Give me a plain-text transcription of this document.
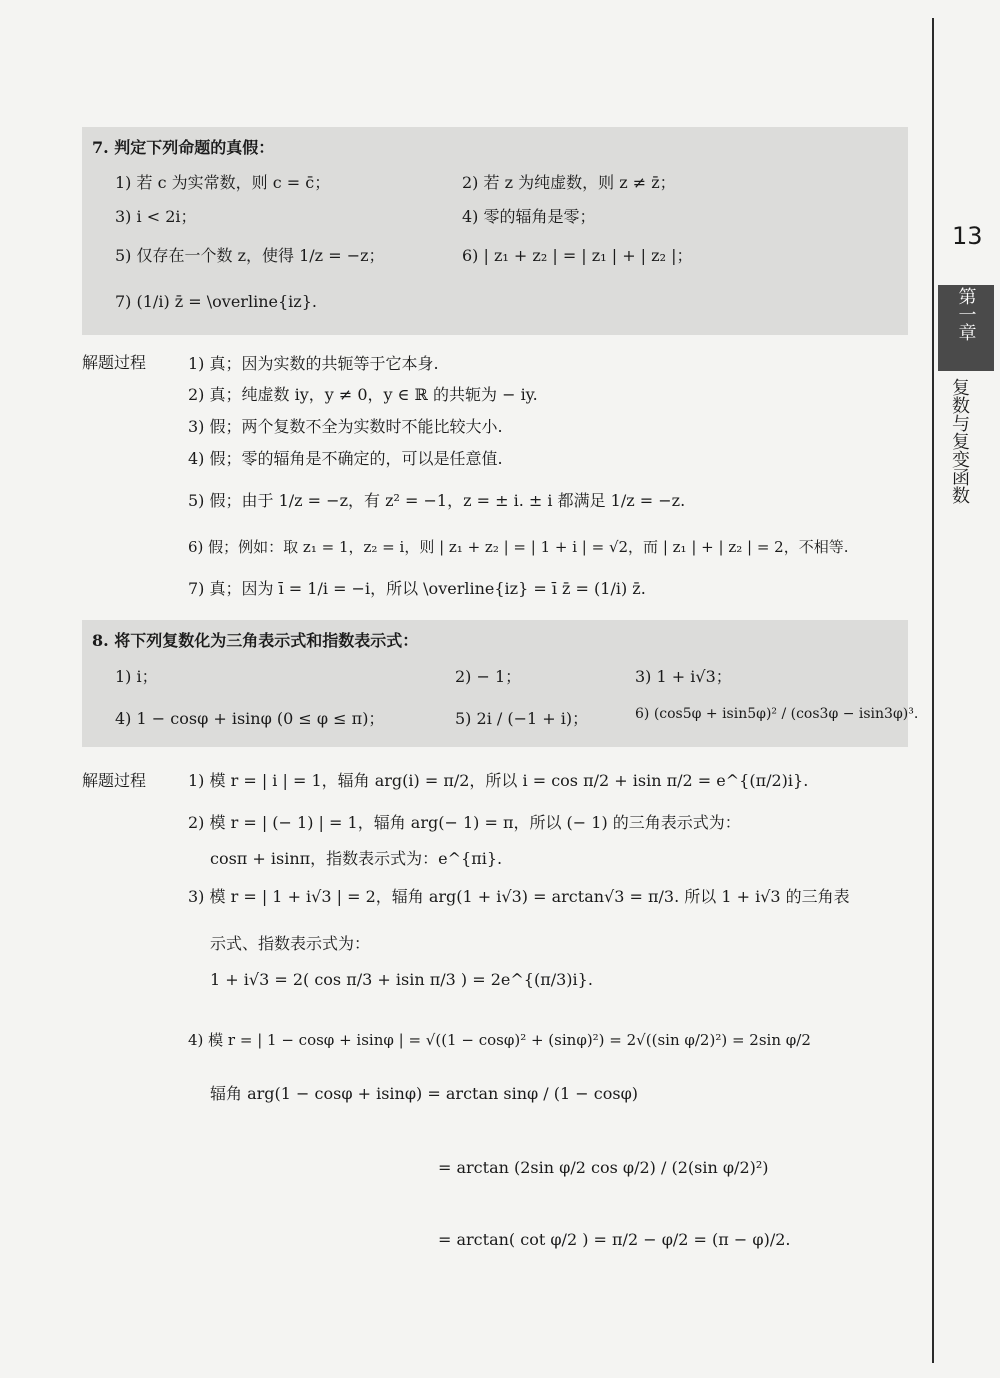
13
第一章
复数与复变函数
7. 判定下列命题的真假：
1) 若 c 为实常数，则 c = c̄；	2) 若 z 为纯虚数，则 z ≠ z̄；
3) i < 2i；	4) 零的辐角是零；
5) 仅存在一个数 z，使得 1/z = −z；	6) | z₁ + z₂ | = | z₁ | + | z₂ |；
7) (1/i) z̄ = \overline{iz}.
解题过程	1) 真；因为实数的共轭等于它本身.
2) 真；纯虚数 iy，y ≠ 0，y ∈ ℝ 的共轭为 − iy.
3) 假；两个复数不全为实数时不能比较大小.
4) 假；零的辐角是不确定的，可以是任意值.
5) 假；由于 1/z = −z，有 z² = −1，z = ± i. ± i 都满足 1/z = −z.
6) 假；例如：取 z₁ = 1，z₂ = i，则 | z₁ + z₂ | = | 1 + i | = √2，而 | z₁ | + | z₂ | = 2，不相等.
7) 真；因为 ī = 1/i = −i，所以 \overline{iz} = ī z̄ = (1/i) z̄.
8. 将下列复数化为三角表示式和指数表示式：
1) i；	2) − 1；	3) 1 + i√3；
4) 1 − cosφ + isinφ (0 ≤ φ ≤ π)；	5) 2i / (−1 + i)；	6) (cos5φ + isin5φ)² / (cos3φ − isin3φ)³.
解题过程	1) 模 r = | i | = 1，辐角 arg(i) = π/2，所以 i = cos π/2 + isin π/2 = e^{(π/2)i}.
2) 模 r = | (− 1) | = 1，辐角 arg(− 1) = π，所以 (− 1) 的三角表示式为：
cosπ + isinπ，指数表示式为：e^{πi}.
3) 模 r = | 1 + i√3 | = 2，辐角 arg(1 + i√3) = arctan√3 = π/3. 所以 1 + i√3 的三角表
示式、指数表示式为：
1 + i√3 = 2( cos π/3 + isin π/3 ) = 2e^{(π/3)i}.
4) 模 r = | 1 − cosφ + isinφ | = √((1 − cosφ)² + (sinφ)²) = 2√((sin φ/2)²) = 2sin φ/2
辐角 arg(1 − cosφ + isinφ) = arctan sinφ / (1 − cosφ)
= arctan (2sin φ/2 cos φ/2) / (2(sin φ/2)²)
= arctan( cot φ/2 ) = π/2 − φ/2 = (π − φ)/2.
